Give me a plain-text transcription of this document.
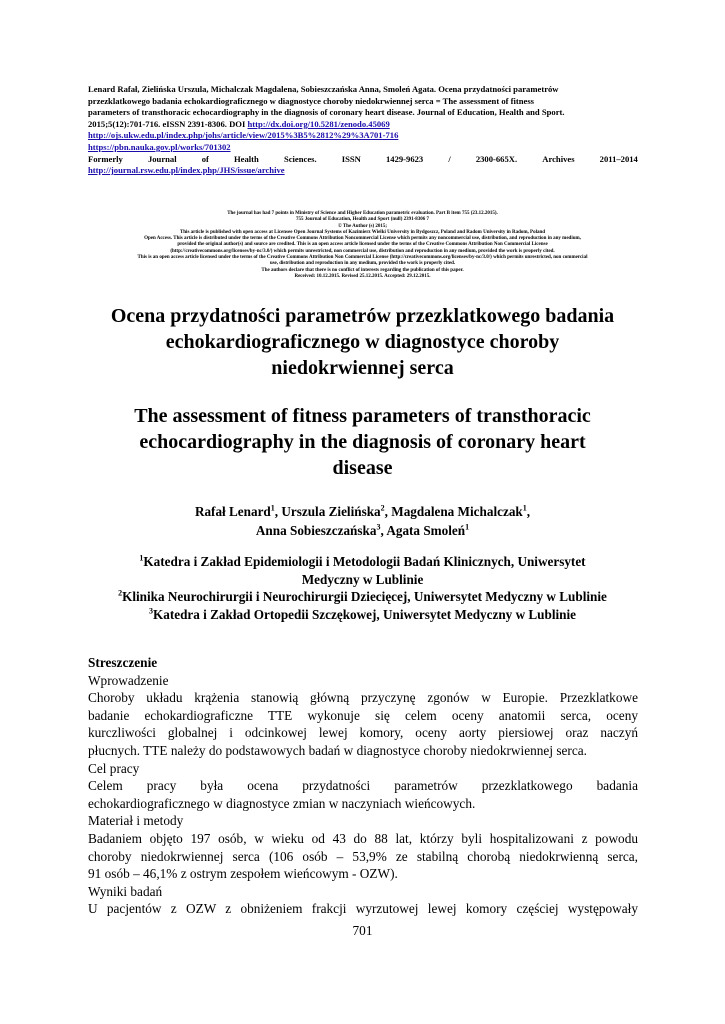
Lenard Rafał, Zielińska Urszula, Michalczak Magdalena, Sobieszczańska Anna, Smoleń Agata. Ocena przydatności parametrów
przezklatkowego badania echokardiograficznego w diagnostyce choroby niedokrwiennej serca = The assessment of fitness
parameters of transthoracic echocardiography in the diagnosis of coronary heart disease. Journal of Education, Health and Sport.
2015;5(12):701-716. eISSN 2391-8306. DOI http://dx.doi.org/10.5281/zenodo.45069
http://ojs.ukw.edu.pl/index.php/johs/article/view/2015%3B5%2812%29%3A701-716
https://pbn.nauka.gov.pl/works/701302
Formerly	Journal	of	Health	Sciences.	ISSN	1429-9623	/	2300-665X.	Archives	2011–2014
http://journal.rsw.edu.pl/index.php/JHS/issue/archive
The journal has had 7 points in Ministry of Science and Higher Education parametric evaluation. Part B item 755 (23.12.2015).
755 Journal of Education, Health and Sport (null) 2391-8306 7
© The Author (s) 2015;
This article is published with open access at Licensee Open Journal Systems of Kazimierz Wielki University in Bydgoszcz, Poland and Radom University in Radom, Poland
Open Access. This article is distributed under the terms of the Creative Commons Attribution Noncommercial License which permits any noncommercial use, distribution, and reproduction in any medium,
provided the original author(s) and source are credited. This is an open access article licensed under the terms of the Creative Commons Attribution Non Commercial License
(http://creativecommons.org/licenses/by-nc/3.0/) which permits unrestricted, non commercial use, distribution and reproduction in any medium, provided the work is properly cited.
This is an open access article licensed under the terms of the Creative Commons Attribution Non Commercial License (http://creativecommons.org/licenses/by-nc/3.0/) which permits unrestricted, non commercial
use, distribution and reproduction in any medium, provided the work is properly cited.
The authors declare that there is no conflict of interests regarding the publication of this paper.
Received: 10.12.2015. Revised 25.12.2015. Accepted: 29.12.2015.
Ocena przydatności parametrów przezklatkowego badania
echokardiograficznego w diagnostyce choroby
niedokrwiennej serca
The assessment of fitness parameters of transthoracic
echocardiography in the diagnosis of coronary heart
disease
Rafał Lenard$^1$, Urszula Zielińska$^2$, Magdalena Michalczak$^1$,
Anna Sobieszczańska$^3$, Agata Smoleń$^1$
$^1$Katedra i Zakład Epidemiologii i Metodologii Badań Klinicznych, Uniwersytet
Medyczny w Lublinie
$^2$Klinika Neurochirurgii i Neurochirurgii Dziecięcej, Uniwersytet Medyczny w Lublinie
$^3$Katedra i Zakład Ortopedii Szczękowej, Uniwersytet Medyczny w Lublinie
Streszczenie
Wprowadzenie
Choroby układu krążenia stanowią główną przyczynę zgonów w Europie. Przezklatkowe
badanie echokardiograficzne TTE wykonuje się celem oceny anatomii serca, oceny
kurczliwości globalnej i odcinkowej lewej komory, oceny aorty piersiowej oraz naczyń
płucnych. TTE należy do podstawowych badań w diagnostyce choroby niedokrwiennej serca.
Cel pracy
Celem pracy była ocena przydatności parametrów przezklatkowego badania
echokardiograficznego w diagnostyce zmian w naczyniach wieńcowych.
Materiał i metody
Badaniem objęto 197 osób, w wieku od 43 do 88 lat, którzy byli hospitalizowani z powodu
choroby niedokrwiennej serca (106 osób – 53,9% ze stabilną chorobą niedokrwienną serca,
91 osób – 46,1% z ostrym zespołem wieńcowym - OZW).
Wyniki badań
U pacjentów z OZW z obniżeniem frakcji wyrzutowej lewej komory częściej występowały
701
